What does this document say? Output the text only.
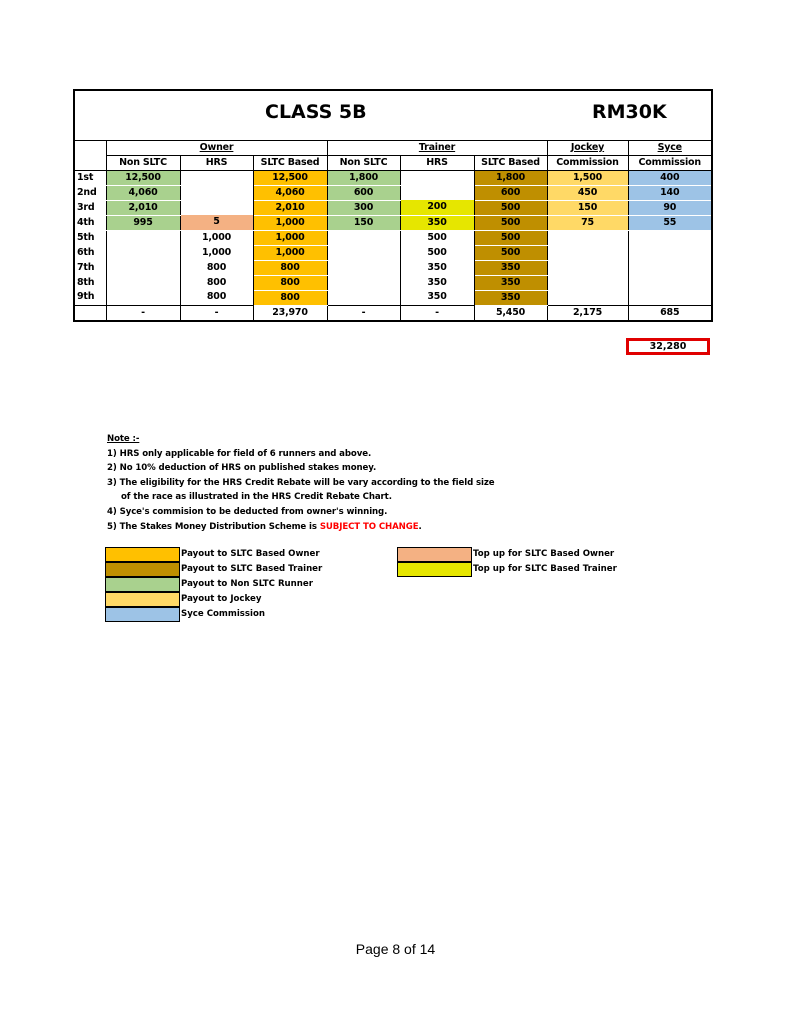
CLASS 5B RM30K								

	Owner			Trainer			Jockey	Syce
	Non SLTC	HRS	SLTC Based	Non SLTC	HRS	SLTC Based	Commission	Commission
1st	12,500		12,500	1,800		1,800	1,500	400
2nd	4,060		4,060	600		600	450	140
3rd	2,010		2,010	300	200	500	150	90
4th	995	5	1,000	150	350	500	75	55
5th		1,000	1,000		500	500		
6th		1,000	1,000		500	500		
7th		800	800		350	350		
8th		800	800		350	350		
9th		800	800		350	350		
	-	-	23,970	-	-	5,450	2,175	685
32,280
Note :-
1) HRS only applicable for field of 6 runners and above.
2) No 10% deduction of HRS on published stakes money.
3) The eligibility for the HRS Credit Rebate will be vary according to the field size
of the race as illustrated in the HRS Credit Rebate Chart.
4) Syce's commision to be deducted from owner's winning.
5) The Stakes Money Distribution Scheme is SUBJECT TO CHANGE.
Payout to SLTC Based Owner
Payout to SLTC Based Trainer
Payout to Non SLTC Runner
Payout to Jockey
Syce Commission
Top up for SLTC Based Owner
Top up for SLTC Based Trainer
Page 8 of 14
